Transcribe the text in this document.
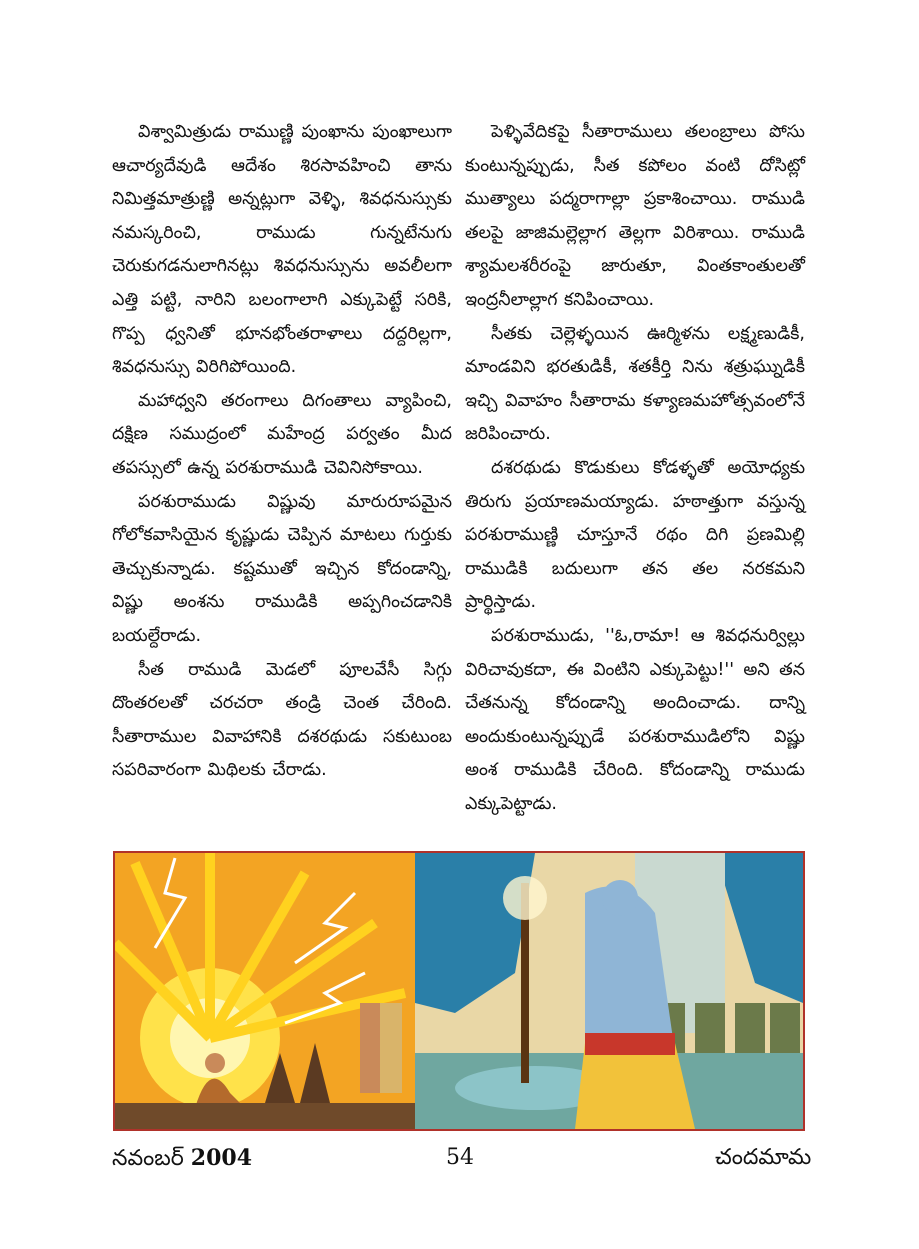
విశ్వామిత్రుడు రాముణ్ణి పుంఖాను పుంఖాలుగా ఆచార్యదేవుడి ఆదేశం శిరసావహించి తాను నిమిత్తమాత్రుణ్ణి అన్నట్లుగా వెళ్ళి, శివధనుస్సుకు నమస్కరించి, రాముడు గున్నటేనుగు చెరుకుగడనులాగినట్లు శివధనుస్సును అవలీలగా ఎత్తి పట్టి, నారిని బలంగాలాగి ఎక్కుపెట్టే సరికి, గొప్ప ధ్వనితో భూనభోంతరాళాలు దద్దరిల్లగా, శివధనుస్సు విరిగిపోయింది.

మహాధ్వని తరంగాలు దిగంతాలు వ్యాపించి, దక్షిణ సముద్రంలో మహేంద్ర పర్వతం మీద తపస్సులో ఉన్న పరశురాముడి చెవినిసోకాయి.

పరశురాముడు విష్ణువు మారురూపమైన గోలోకవాసియైన కృష్ణుడు చెప్పిన మాటలు గుర్తుకు తెచ్చుకున్నాడు. కష్టముతో ఇచ్చిన కోదండాన్ని, విష్ణు అంశను రాముడికి అప్పగించడానికి బయల్దేరాడు.

సీత రాముడి మెడలో పూలవేసీ సిగ్గు దొంతరలతో చరచరా తండ్రి చెంత చేరింది. సీతారాముల వివాహానికి దశరథుడు సకుటుంబ సపరివారంగా మిథిలకు చేరాడు.

పెళ్ళివేదికపై సీతారాములు తలంబ్రాలు పోసు కుంటున్నప్పుడు, సీత కపోలం వంటి దోసిట్లో ముత్యాలు పద్మరాగాల్లా ప్రకాశించాయి. రాముడి తలపై జాజిమల్లెల్లాగ తెల్లగా విరిశాయి. రాముడి శ్యామలశరీరంపై జారుతూ, వింతకాంతులతో ఇంద్రనీలాల్లాగ కనిపించాయి.

సీతకు చెల్లెళ్ళయిన ఊర్మిళను లక్ష్మణుడికీ, మాండవిని భరతుడికీ, శతకీర్తి నిను శత్రుఘ్నుడికీ ఇచ్చి వివాహం సీతారామ కళ్యాణమహోత్సవంలోనే జరిపించారు.

దశరథుడు కొడుకులు కోడళ్ళతో అయోధ్యకు తిరుగు ప్రయాణమయ్యాడు. హఠాత్తుగా వస్తున్న పరశురాముణ్ణి చూస్తూనే రథం దిగి ప్రణమిల్లి రాముడికి బదులుగా తన తల నరకమని ప్రార్థిస్తాడు.

పరశురాముడు, ''ఓ,రామా! ఆ శివధనుర్విల్లు విరిచావుకదా, ఈ వింటిని ఎక్కుపెట్టు!'' అని తన చేతనున్న కోదండాన్ని అందించాడు. దాన్ని అందుకుంటున్నప్పుడే పరశురాముడిలోని విష్ణు అంశ రాముడికి చేరింది. కోదండాన్ని రాముడు ఎక్కుపెట్టాడు.

నవంబర్ 2004	54	చందమామ
